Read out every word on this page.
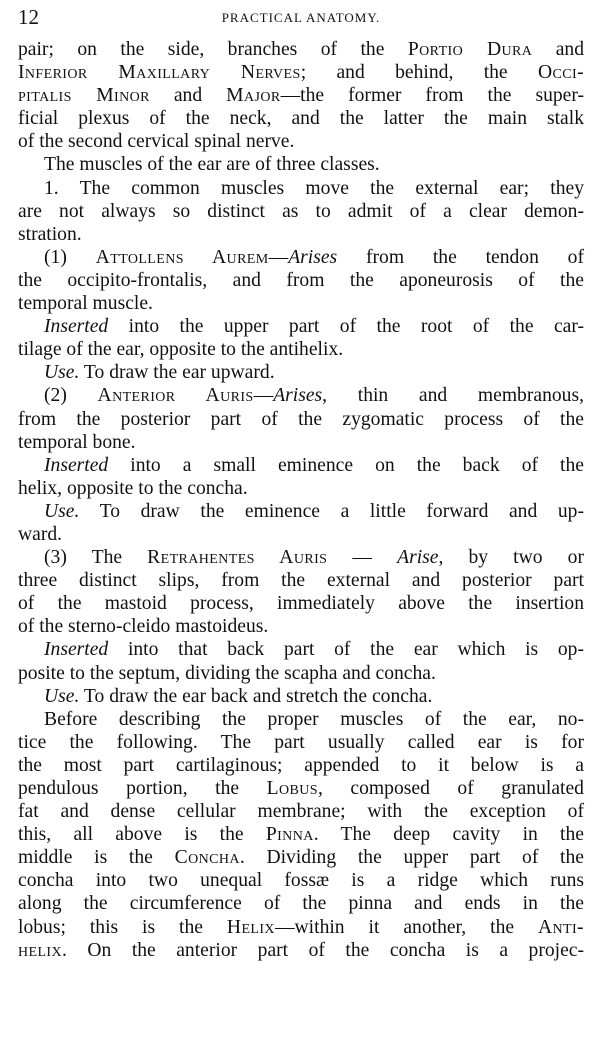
12	PRACTICAL ANATOMY.
pair; on the side, branches of the Portio Dura and
Inferior Maxillary Nerves; and behind, the Occi-
pitalis Minor and Major—the former from the super-
ficial plexus of the neck, and the latter the main stalk
of the second cervical spinal nerve.
The muscles of the ear are of three classes.
1. The common muscles move the external ear; they
are not always so distinct as to admit of a clear demon-
stration.
(1) Attollens Aurem—Arises from the tendon of
the occipito-frontalis, and from the aponeurosis of the
temporal muscle.
Inserted into the upper part of the root of the car-
tilage of the ear, opposite to the antihelix.
Use. To draw the ear upward.
(2) Anterior Auris—Arises, thin and membranous,
from the posterior part of the zygomatic process of the
temporal bone.
Inserted into a small eminence on the back of the
helix, opposite to the concha.
Use. To draw the eminence a little forward and up-
ward.
(3) The Retrahentes Auris — Arise, by two or
three distinct slips, from the external and posterior part
of the mastoid process, immediately above the insertion
of the sterno-cleido mastoideus.
Inserted into that back part of the ear which is op-
posite to the septum, dividing the scapha and concha.
Use. To draw the ear back and stretch the concha.
Before describing the proper muscles of the ear, no-
tice the following. The part usually called ear is for
the most part cartilaginous; appended to it below is a
pendulous portion, the Lobus, composed of granulated
fat and dense cellular membrane; with the exception of
this, all above is the Pinna. The deep cavity in the
middle is the Concha. Dividing the upper part of the
concha into two unequal fossæ is a ridge which runs
along the circumference of the pinna and ends in the
lobus; this is the Helix—within it another, the Anti-
helix. On the anterior part of the concha is a projec-
